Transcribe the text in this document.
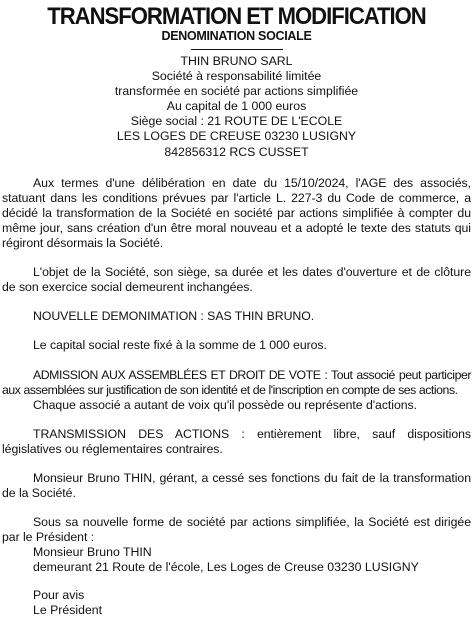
TRANSFORMATION ET MODIFICATION
DENOMINATION SOCIALE
THIN BRUNO SARL
Société à responsabilité limitée
transformée en société par actions simplifiée
Au capital de 1 000 euros
Siège social : 21 ROUTE DE L'ECOLE
LES LOGES DE CREUSE 03230 LUSIGNY
842856312 RCS CUSSET

Aux termes d'une délibération en date du 15/10/2024, l'AGE des associés, statuant dans les conditions prévues par l'article L. 227-3 du Code de commerce, a décidé la transformation de la Société en société par actions simplifiée à compter du même jour, sans création d'un être moral nouveau et a adopté le texte des statuts qui régiront désormais la Société.

L'objet de la Société, son siège, sa durée et les dates d'ouverture et de clôture de son exercice social demeurent inchangées.

NOUVELLE DEMONIMATION : SAS THIN BRUNO.

Le capital social reste fixé à la somme de 1 000 euros.

ADMISSION AUX ASSEMBLÉES ET DROIT DE VOTE : Tout associé peut participer aux assemblées sur justification de son identité et de l'inscription en compte de ses actions.

Chaque associé a autant de voix qu'il possède ou représente d'actions.

TRANSMISSION DES ACTIONS : entièrement libre, sauf dispositions législatives ou réglementaires contraires.

Monsieur Bruno THIN, gérant, a cessé ses fonctions du fait de la transformation de la Société.

Sous sa nouvelle forme de société par actions simplifiée, la Société est dirigée par le Président :

Monsieur Bruno THIN
demeurant 21 Route de l'école, Les Loges de Creuse 03230 LUSIGNY
Pour avis
Le Président
